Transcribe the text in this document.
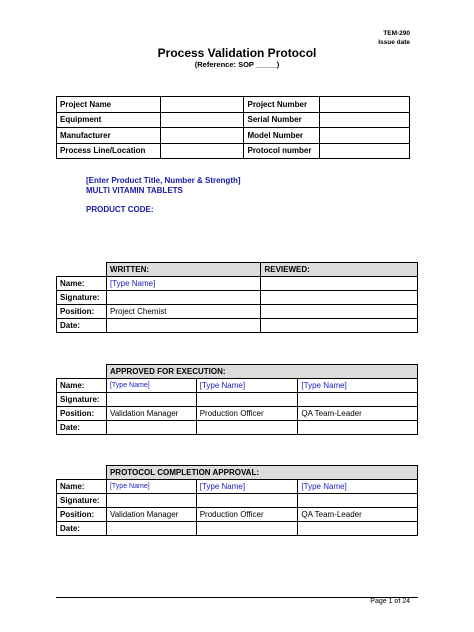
TEM-290
Issue date
Process Validation Protocol
(Reference: SOP _____)
Project Name		Project Number	
Equipment		Serial Number	
Manufacturer		Model Number	
Process Line/Location		Protocol number	
[Enter Product Title, Number & Strength]
MULTI VITAMIN TABLETS
PRODUCT CODE:
	WRITTEN:	REVIEWED:
Name:	[Type Name]	
Signature:		
Position:	Project Chemist	
Date:		
	APPROVED FOR EXECUTION:		
Name:	[Type Name]	[Type Name]	[Type Name]
Signature:			
Position:	Validation Manager	Production Officer	QA Team-Leader
Date:			
	PROTOCOL COMPLETION APPROVAL:		
Name:	[Type Name]	[Type Name]	[Type Name]
Signature:			
Position:	Validation Manager	Production Officer	QA Team-Leader
Date:			
Page 1 of 24
